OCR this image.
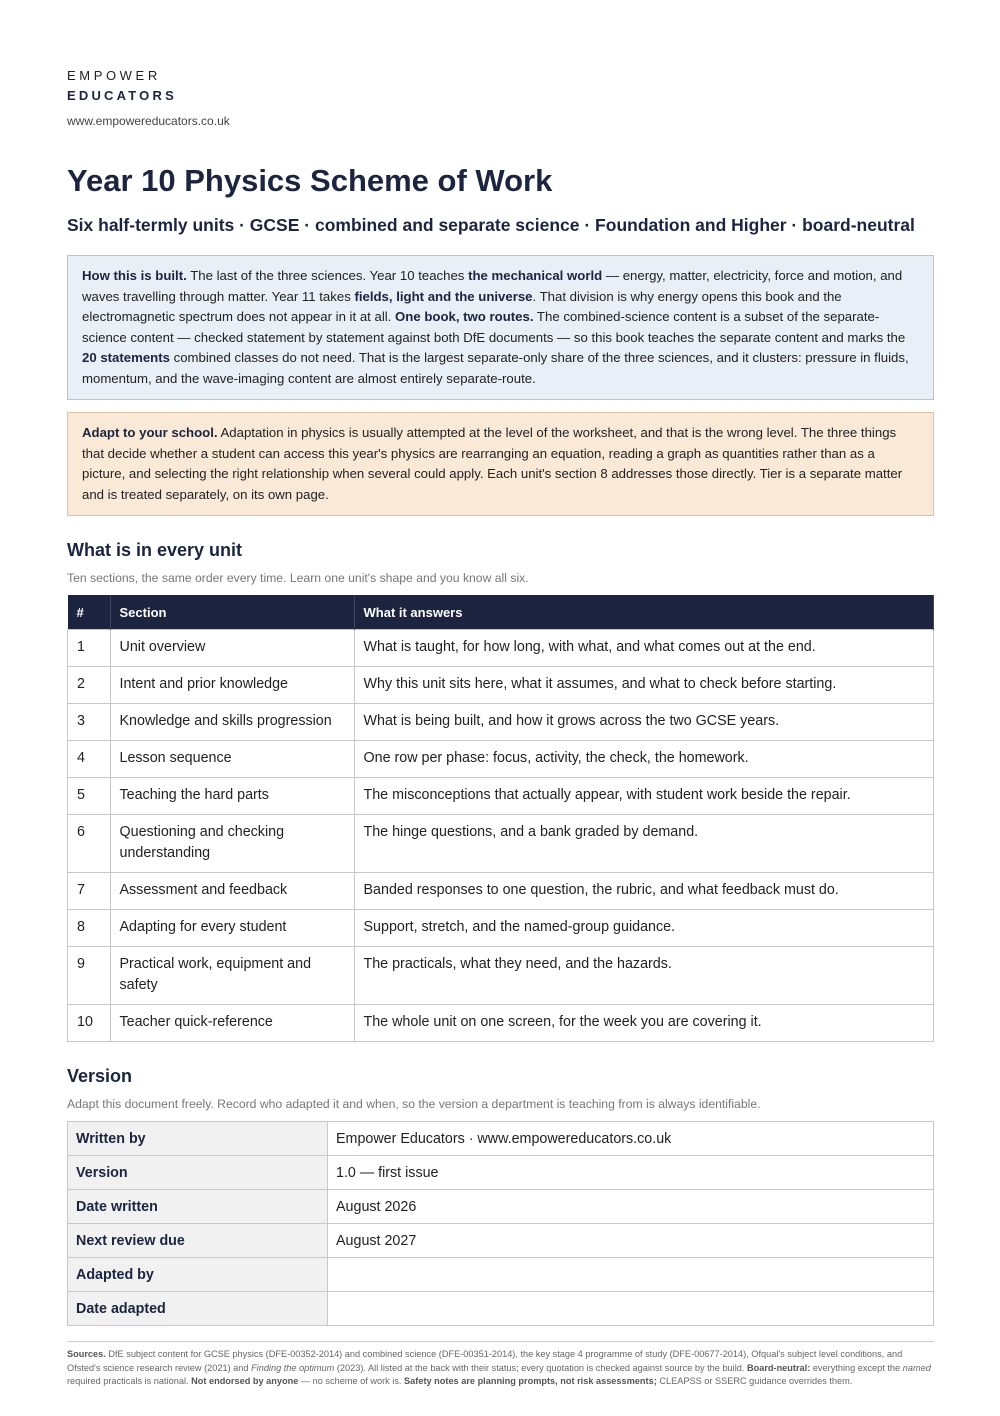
EMPOWER
EDUCATORS
www.empowereducators.co.uk
Year 10 Physics Scheme of Work
Six half-termly units · GCSE · combined and separate science · Foundation and Higher · board-neutral
How this is built. The last of the three sciences. Year 10 teaches the mechanical world — energy, matter, electricity, force and motion, and waves travelling through matter. Year 11 takes fields, light and the universe. That division is why energy opens this book and the electromagnetic spectrum does not appear in it at all. One book, two routes. The combined-science content is a subset of the separate-science content — checked statement by statement against both DfE documents — so this book teaches the separate content and marks the 20 statements combined classes do not need. That is the largest separate-only share of the three sciences, and it clusters: pressure in fluids, momentum, and the wave-imaging content are almost entirely separate-route.
Adapt to your school. Adaptation in physics is usually attempted at the level of the worksheet, and that is the wrong level. The three things that decide whether a student can access this year's physics are rearranging an equation, reading a graph as quantities rather than as a picture, and selecting the right relationship when several could apply. Each unit's section 8 addresses those directly. Tier is a separate matter and is treated separately, on its own page.
What is in every unit
Ten sections, the same order every time. Learn one unit's shape and you know all six.
#	Section	What it answers
1	Unit overview	What is taught, for how long, with what, and what comes out at the end.
2	Intent and prior knowledge	Why this unit sits here, what it assumes, and what to check before starting.
3	Knowledge and skills progression	What is being built, and how it grows across the two GCSE years.
4	Lesson sequence	One row per phase: focus, activity, the check, the homework.
5	Teaching the hard parts	The misconceptions that actually appear, with student work beside the repair.
6	Questioning and checking understanding	The hinge questions, and a bank graded by demand.
7	Assessment and feedback	Banded responses to one question, the rubric, and what feedback must do.
8	Adapting for every student	Support, stretch, and the named-group guidance.
9	Practical work, equipment and safety	The practicals, what they need, and the hazards.
10	Teacher quick-reference	The whole unit on one screen, for the week you are covering it.
Version
Adapt this document freely. Record who adapted it and when, so the version a department is teaching from is always identifiable.
Written by	Empower Educators · www.empowereducators.co.uk
Version	1.0 — first issue
Date written	August 2026
Next review due	August 2027
Adapted by	
Date adapted	
Sources. DfE subject content for GCSE physics (DFE-00352-2014) and combined science (DFE-00351-2014), the key stage 4 programme of study (DFE-00677-2014), Ofqual's subject level conditions, and Ofsted's science research review (2021) and Finding the optimum (2023). All listed at the back with their status; every quotation is checked against source by the build. Board-neutral: everything except the named required practicals is national. Not endorsed by anyone — no scheme of work is. Safety notes are planning prompts, not risk assessments; CLEAPSS or SSERC guidance overrides them.
